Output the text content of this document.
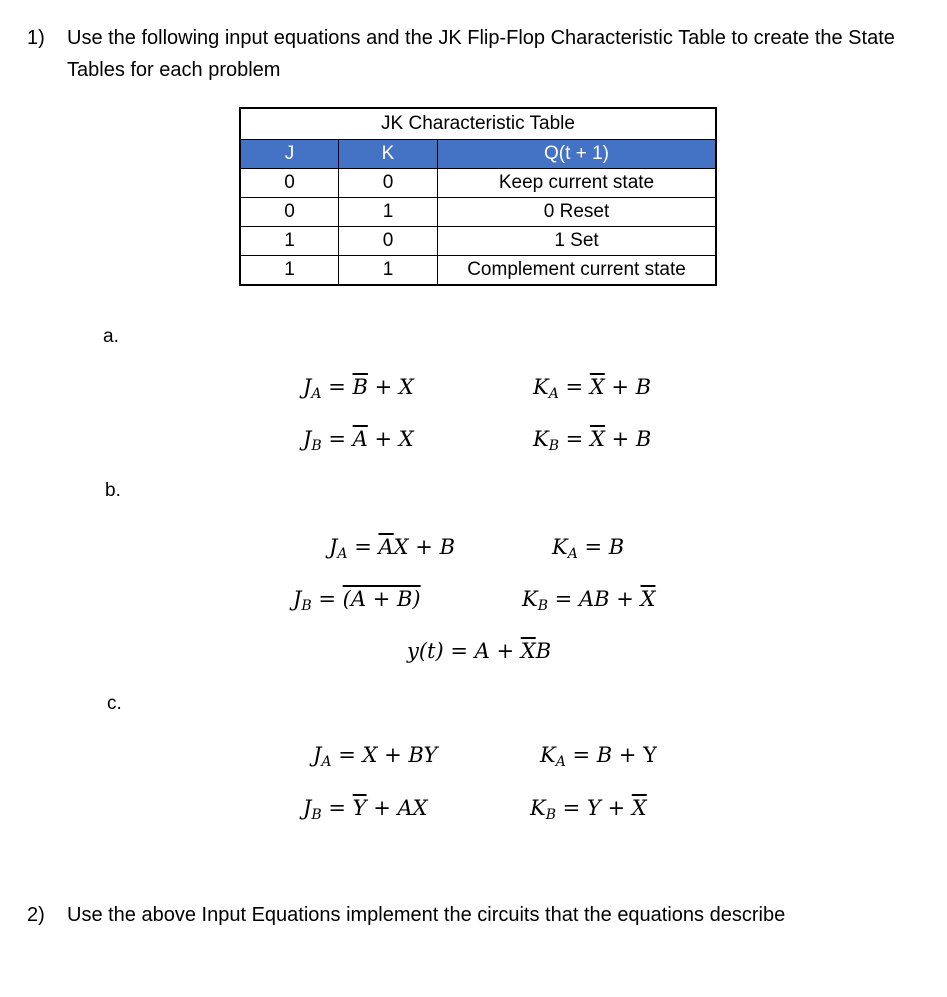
1) Use the following input equations and the JK Flip-Flop Characteristic Table to create the State Tables for each problem
JK Characteristic Table		
J	K	Q(t + 1)
0	0	Keep current state
0	1	0 Reset
1	0	1 Set
1	1	Complement current state
a.
$J_A = \overline{B} + X$	$K_A = \overline{X} + B$
$J_B = \overline{A} + X$	$K_B = \overline{X} + B$
b.
$J_A = \overline{A}X + B$	$K_A = B$
$J_B = (A + B)$	$K_B$ = AB + $\overline{X}$
$y(t) = A + \overline{X}B$
c.
$J_A = X$ + BY	$K_A = B + Y$
$J_B = \overline{Y}$ + AX	$K_B = Y + \overline{X}$
2) Use the above Input Equations implement the circuits that the equations describe
